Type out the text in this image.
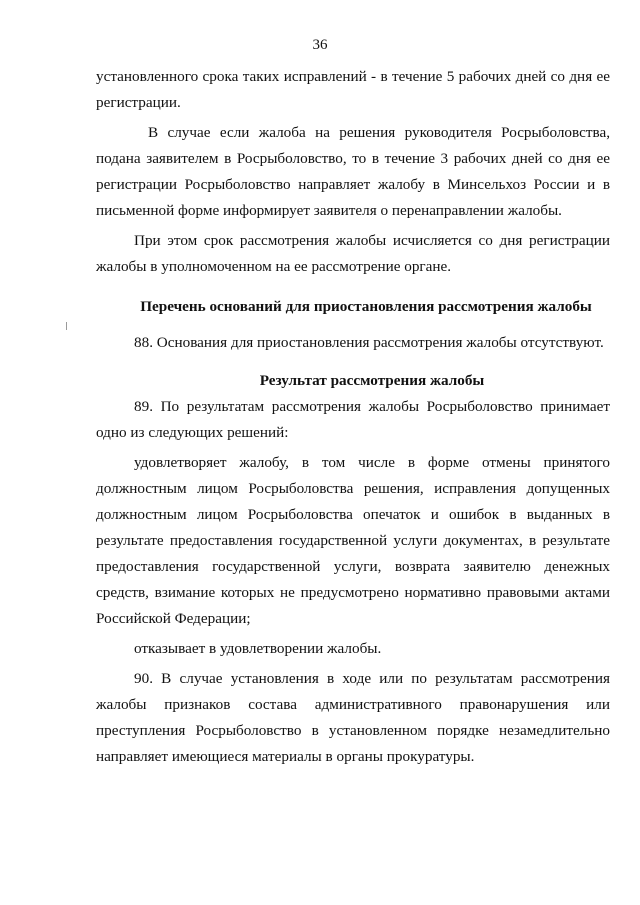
36

установленного срока таких исправлений - в течение 5 рабочих дней со дня ее регистрации.

В случае если жалоба на решения руководителя Росрыболовства, подана заявителем в Росрыболовство, то в течение 3 рабочих дней со дня ее регистрации Росрыболовство направляет жалобу в Минсельхоз России и в письменной форме информирует заявителя о перенаправлении жалобы.

При этом срок рассмотрения жалобы исчисляется со дня регистрации жалобы в уполномоченном на ее рассмотрение органе.

Перечень оснований для приостановления рассмотрения жалобы

88. Основания для приостановления рассмотрения жалобы отсутствуют.

Результат рассмотрения жалобы

89. По результатам рассмотрения жалобы Росрыболовство принимает одно из следующих решений:

удовлетворяет жалобу, в том числе в форме отмены принятого должностным лицом Росрыболовства решения, исправления допущенных должностным лицом Росрыболовства опечаток и ошибок в выданных в результате предоставления государственной услуги документах, в результате предоставления государственной услуги, возврата заявителю денежных средств, взимание которых не предусмотрено нормативно правовыми актами Российской Федерации;

отказывает в удовлетворении жалобы.

90. В случае установления в ходе или по результатам рассмотрения жалобы признаков состава административного правонарушения или преступления Росрыболовство в установленном порядке незамедлительно направляет имеющиеся материалы в органы прокуратуры.
